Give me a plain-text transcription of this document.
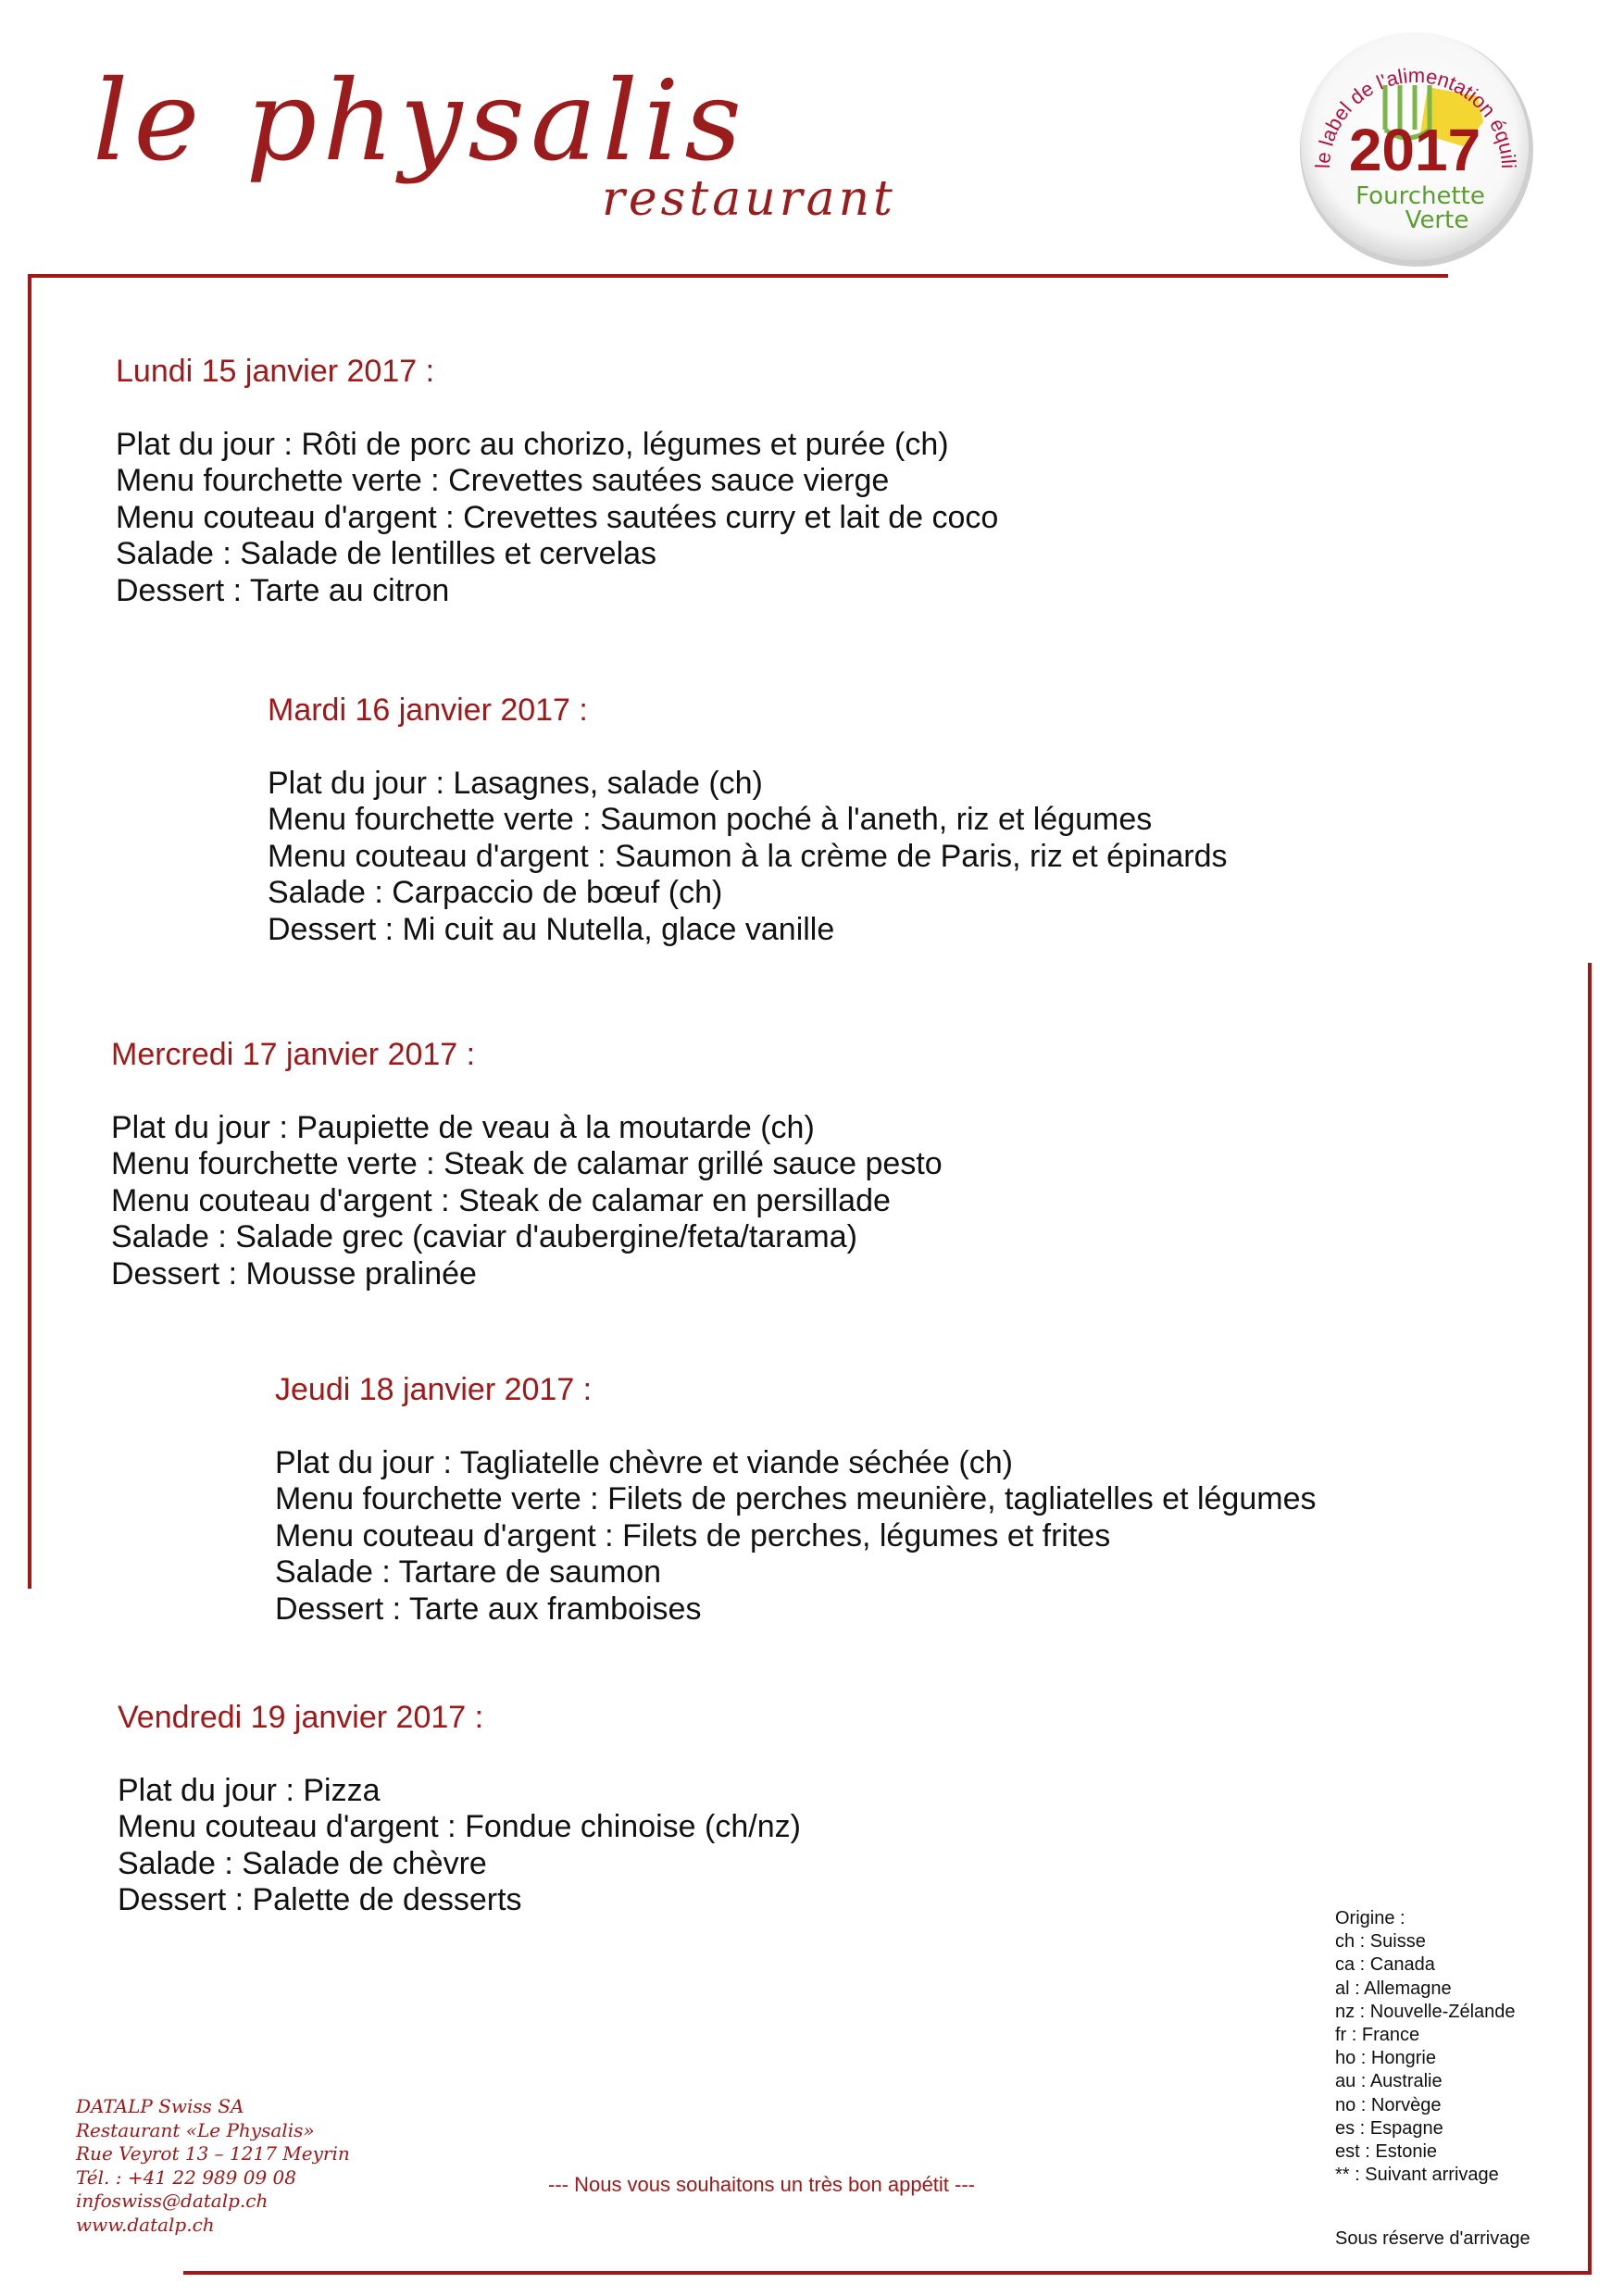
le physalis
restaurant
le label de l'alimentation équili
2017
Fourchette
Verte
Lundi 15 janvier 2017 :
Plat du jour : Rôti de porc au chorizo, légumes et purée (ch)
Menu fourchette verte : Crevettes sautées sauce vierge
Menu couteau d'argent : Crevettes sautées curry et lait de coco
Salade : Salade de lentilles et cervelas
Dessert : Tarte au citron
Mardi 16 janvier 2017 :
Plat du jour : Lasagnes, salade (ch)
Menu fourchette verte : Saumon poché à l'aneth, riz et légumes
Menu couteau d'argent : Saumon à la crème de Paris, riz et épinards
Salade : Carpaccio de bœuf (ch)
Dessert : Mi cuit au Nutella, glace vanille
Mercredi 17 janvier 2017 :
Plat du jour : Paupiette de veau à la moutarde (ch)
Menu fourchette verte : Steak de calamar grillé sauce pesto
Menu couteau d'argent : Steak de calamar en persillade
Salade : Salade grec (caviar d'aubergine/feta/tarama)
Dessert : Mousse pralinée
Jeudi 18 janvier 2017 :
Plat du jour : Tagliatelle chèvre et viande séchée (ch)
Menu fourchette verte : Filets de perches meunière, tagliatelles et légumes
Menu couteau d'argent : Filets de perches, légumes et frites
Salade : Tartare de saumon
Dessert : Tarte aux framboises
Vendredi 19 janvier 2017 :
Plat du jour : Pizza
Menu couteau d'argent : Fondue chinoise (ch/nz)
Salade : Salade de chèvre
Dessert : Palette de desserts
Origine :
ch : Suisse
ca : Canada
al : Allemagne
nz : Nouvelle-Zélande
fr : France
ho : Hongrie
au : Australie
no : Norvège
es : Espagne
est : Estonie
** : Suivant arrivage
Sous réserve d'arrivage
DATALP Swiss SA
Restaurant «Le Physalis»
Rue Veyrot 13 – 1217 Meyrin
Tél. : +41 22 989 09 08
infoswiss@datalp.ch
www.datalp.ch
--- Nous vous souhaitons un très bon appétit ---
